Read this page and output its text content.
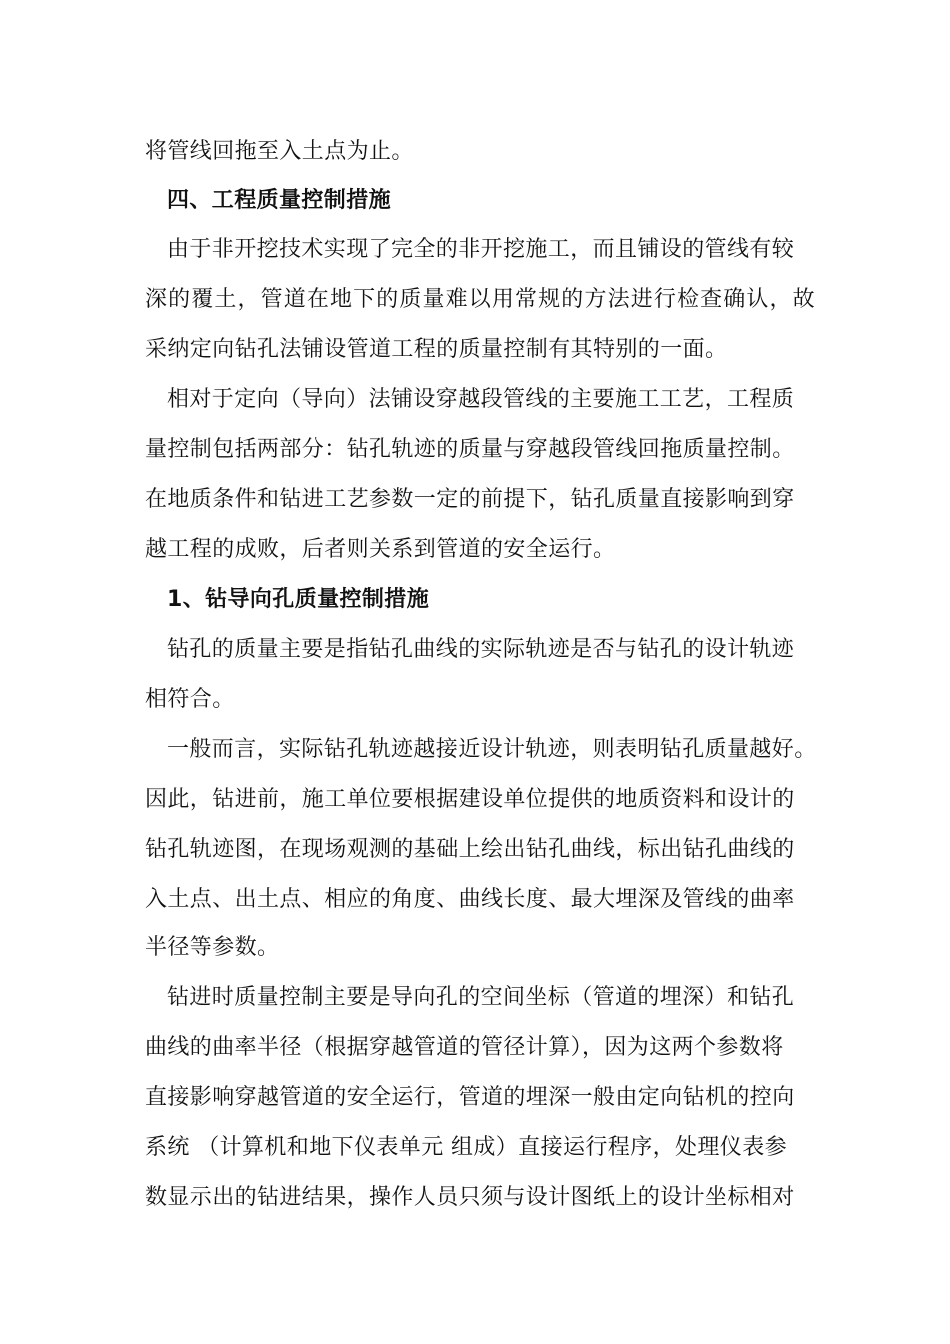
将管线回拖至入土点为止。
四、工程质量控制措施
由于非开挖技术实现了完全的非开挖施工，而且铺设的管线有较
深的覆土，管道在地下的质量难以用常规的方法进行检查确认，故
采纳定向钻孔法铺设管道工程的质量控制有其特别的一面。
相对于定向（导向）法铺设穿越段管线的主要施工工艺，工程质
量控制包括两部分：钻孔轨迹的质量与穿越段管线回拖质量控制。
在地质条件和钻进工艺参数一定的前提下，钻孔质量直接影响到穿
越工程的成败，后者则关系到管道的安全运行。
1、钻导向孔质量控制措施
钻孔的质量主要是指钻孔曲线的实际轨迹是否与钻孔的设计轨迹
相符合。
一般而言，实际钻孔轨迹越接近设计轨迹，则表明钻孔质量越好。
因此，钻进前，施工单位要根据建设单位提供的地质资料和设计的
钻孔轨迹图，在现场观测的基础上绘出钻孔曲线，标出钻孔曲线的
入土点、出土点、相应的角度、曲线长度、最大埋深及管线的曲率
半径等参数。
钻进时质量控制主要是导向孔的空间坐标（管道的埋深）和钻孔
曲线的曲率半径（根据穿越管道的管径计算），因为这两个参数将
直接影响穿越管道的安全运行，管道的埋深一般由定向钻机的控向
系统 （计算机和地下仪表单元 组成）直接运行程序，处理仪表参
数显示出的钻进结果，操作人员只须与设计图纸上的设计坐标相对
